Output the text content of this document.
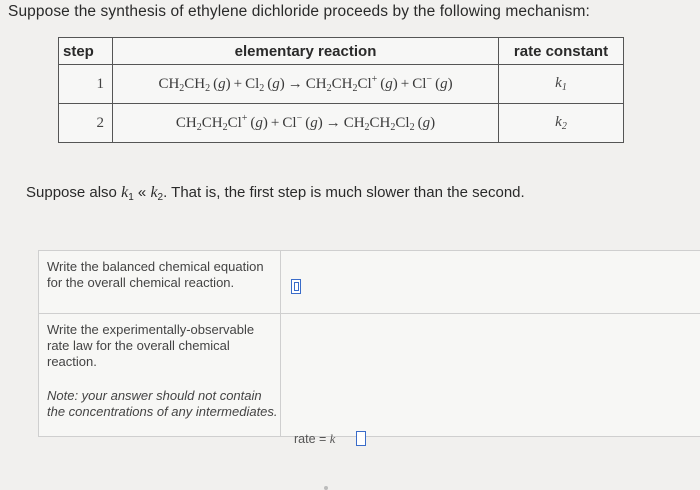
Suppose the synthesis of ethylene dichloride proceeds by the following mechanism:
step	elementary reaction	rate constant
1	$CH_2CH_2$ $(g) + Cl_2$ $(g) \to CH_2CH_2Cl^+$ (g) + Cl− (g)	$k_1$
2	$CH_2CH_2Cl^+$ (g) + Cl− $(g) \to CH_2CH_2Cl_2$ (g)	$k_2$
Suppose also $k_1$ « $k_2$. That is, the first step is much slower than the second.
Write the balanced chemical equation for the overall chemical reaction.
Write the experimentally-observable rate law for the overall chemical reaction.
Note: your answer should not contain the concentrations of any intermediates.
rate = k
